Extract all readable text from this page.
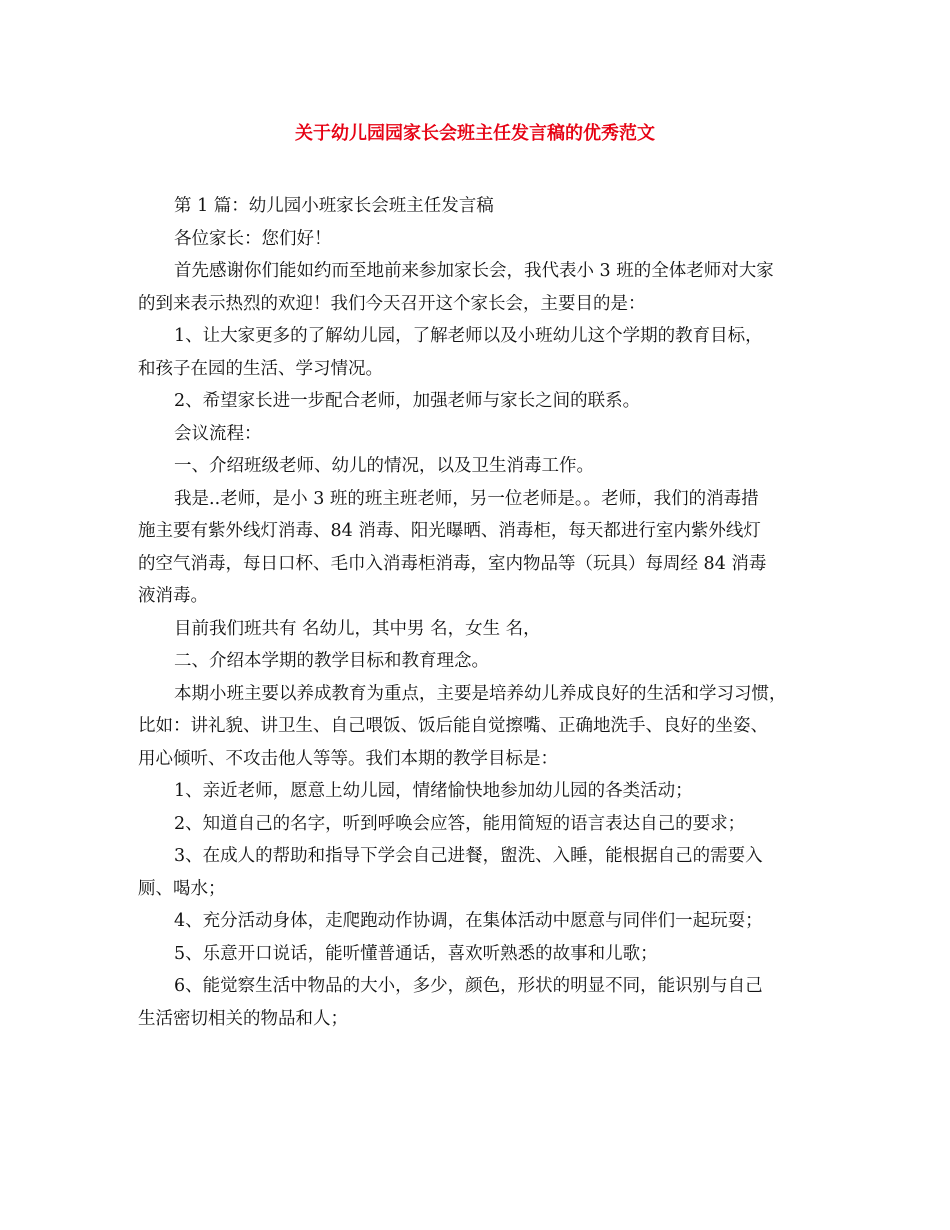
关于幼儿园园家长会班主任发言稿的优秀范文

第 1 篇：幼儿园小班家长会班主任发言稿

各位家长：您们好！

首先感谢你们能如约而至地前来参加家长会，我代表小 3 班的全体老师对大家
的到来表示热烈的欢迎！我们今天召开这个家长会，主要目的是：

1、让大家更多的了解幼儿园，了解老师以及小班幼儿这个学期的教育目标，
和孩子在园的生活、学习情况。

2、希望家长进一步配合老师，加强老师与家长之间的联系。

会议流程：

一、介绍班级老师、幼儿的情况，以及卫生消毒工作。

我是..老师，是小 3 班的班主班老师，另一位老师是。。老师，我们的消毒措
施主要有紫外线灯消毒、84 消毒、阳光曝晒、消毒柜，每天都进行室内紫外线灯
的空气消毒，每日口杯、毛巾入消毒柜消毒，室内物品等（玩具）每周经 84 消毒
液消毒。

目前我们班共有 名幼儿，其中男 名，女生 名，

二、介绍本学期的教学目标和教育理念。

本期小班主要以养成教育为重点，主要是培养幼儿养成良好的生活和学习习惯，
比如：讲礼貌、讲卫生、自己喂饭、饭后能自觉擦嘴、正确地洗手、良好的坐姿、
用心倾听、不攻击他人等等。我们本期的教学目标是：

1、亲近老师，愿意上幼儿园，情绪愉快地参加幼儿园的各类活动；

2、知道自己的名字，听到呼唤会应答，能用简短的语言表达自己的要求；

3、在成人的帮助和指导下学会自己进餐，盥洗、入睡，能根据自己的需要入
厕、喝水；

4、充分活动身体，走爬跑动作协调，在集体活动中愿意与同伴们一起玩耍；

5、乐意开口说话，能听懂普通话，喜欢听熟悉的故事和儿歌；

6、能觉察生活中物品的大小，多少，颜色，形状的明显不同，能识别与自己
生活密切相关的物品和人；
